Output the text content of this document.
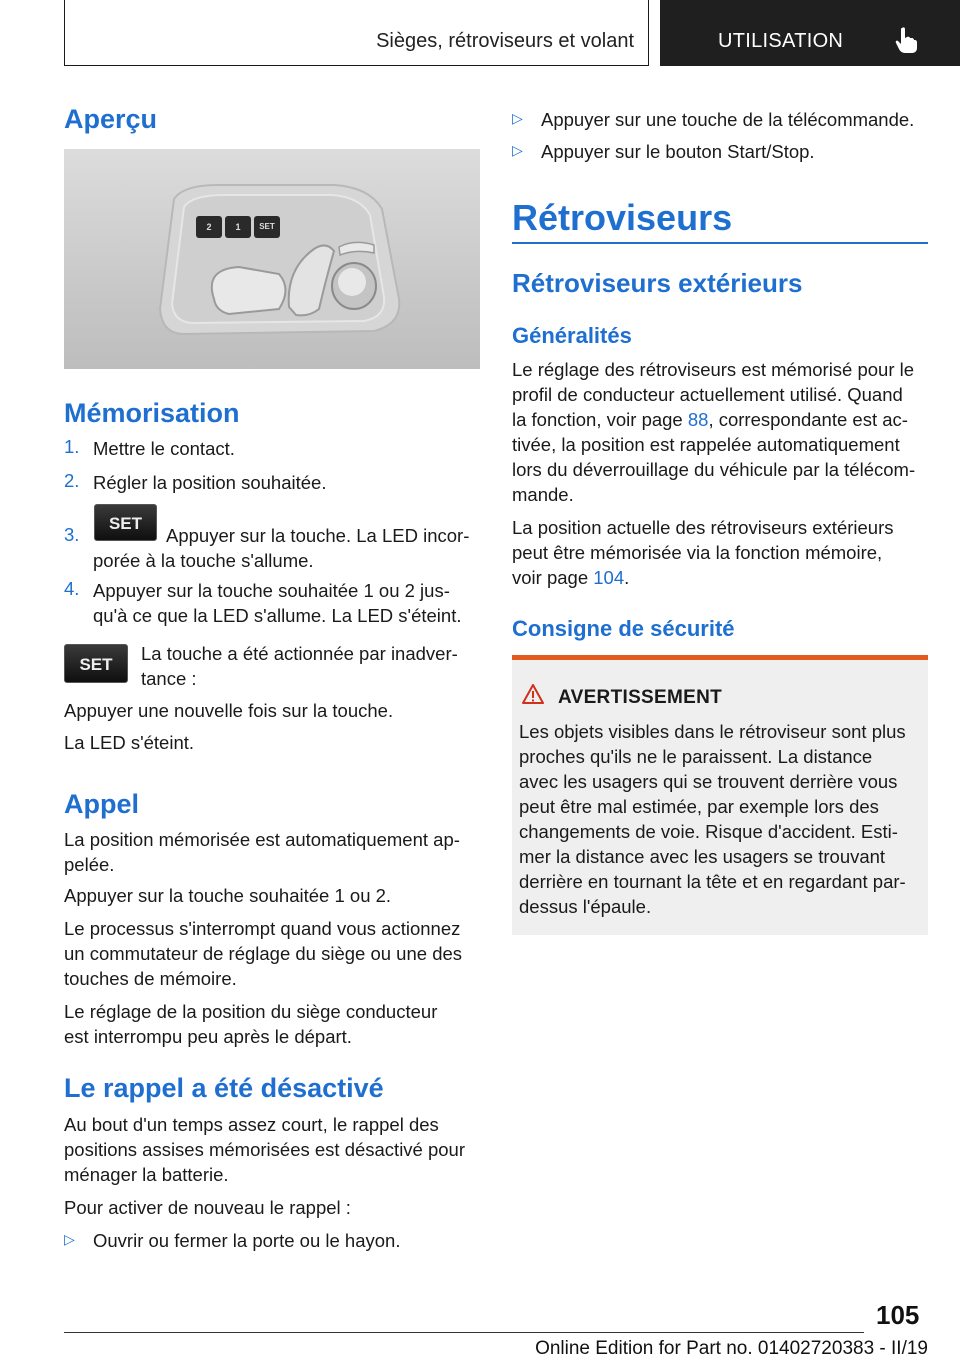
Sièges, rétroviseurs et volant	UTILISATION
Aperçu
2	1	SET
Mémorisation
1. Mettre le contact.
2. Régler la position souhaitée.
3.
SET
Appuyer sur la touche. La LED incor-
porée à la touche s'allume.
4. Appuyer sur la touche souhaitée 1 ou 2 jus-
qu'à ce que la LED s'allume. La LED s'éteint.
SET
La touche a été actionnée par inadver-
tance :
Appuyer une nouvelle fois sur la touche.
La LED s'éteint.
Appel
La position mémorisée est automatiquement ap-
pelée.
Appuyer sur la touche souhaitée 1 ou 2.
Le processus s'interrompt quand vous actionnez
un commutateur de réglage du siège ou une des
touches de mémoire.
Le réglage de la position du siège conducteur
est interrompu peu après le départ.
Le rappel a été désactivé
Au bout d'un temps assez court, le rappel des
positions assises mémorisées est désactivé pour
ménager la batterie.
Pour activer de nouveau le rappel :
▷ Ouvrir ou fermer la porte ou le hayon.
▷ Appuyer sur une touche de la télécommande.
▷ Appuyer sur le bouton Start/Stop.
Rétroviseurs
Rétroviseurs extérieurs
Généralités
Le réglage des rétroviseurs est mémorisé pour le
profil de conducteur actuellement utilisé. Quand
la fonction, voir page 88, correspondante est ac-
tivée, la position est rappelée automatiquement
lors du déverrouillage du véhicule par la télécom-
mande.
La position actuelle des rétroviseurs extérieurs
peut être mémorisée via la fonction mémoire,
voir page 104.
Consigne de sécurité
AVERTISSEMENT
Les objets visibles dans le rétroviseur sont plus
proches qu'ils ne le paraissent. La distance
avec les usagers qui se trouvent derrière vous
peut être mal estimée, par exemple lors des
changements de voie. Risque d'accident. Esti-
mer la distance avec les usagers se trouvant
derrière en tournant la tête et en regardant par-
dessus l'épaule.
105
Online Edition for Part no. 01402720383 - II/19
